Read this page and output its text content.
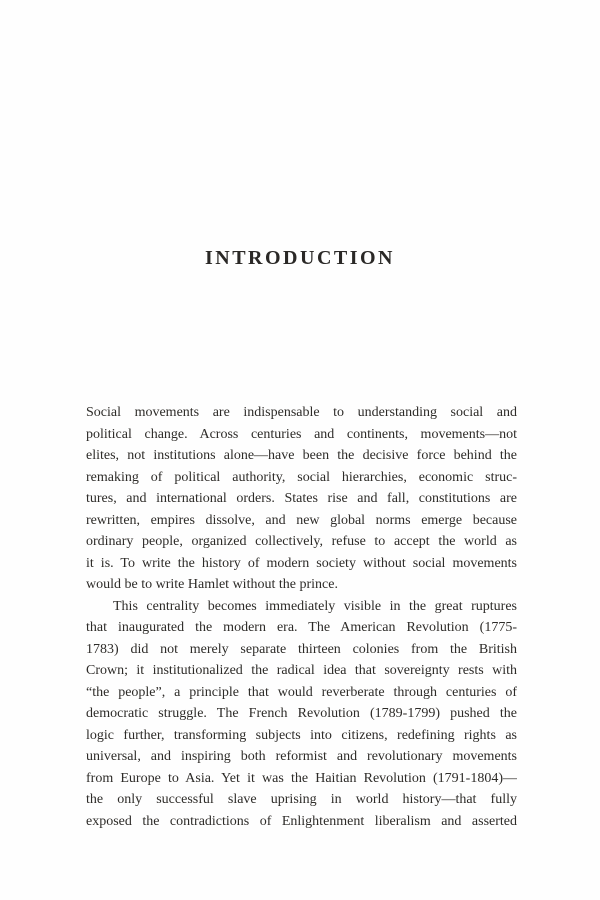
INTRODUCTION
Social movements are indispensable to understanding social and
political change. Across centuries and continents, movements—not
elites, not institutions alone—have been the decisive force behind the
remaking of political authority, social hierarchies, economic struc-
tures, and international orders. States rise and fall, constitutions are
rewritten, empires dissolve, and new global norms emerge because
ordinary people, organized collectively, refuse to accept the world as
it is. To write the history of modern society without social movements
would be to write Hamlet without the prince.
This centrality becomes immediately visible in the great ruptures
that inaugurated the modern era. The American Revolution (1775-
1783) did not merely separate thirteen colonies from the British
Crown; it institutionalized the radical idea that sovereignty rests with
“the people”, a principle that would reverberate through centuries of
democratic struggle. The French Revolution (1789-1799) pushed the
logic further, transforming subjects into citizens, redefining rights as
universal, and inspiring both reformist and revolutionary movements
from Europe to Asia. Yet it was the Haitian Revolution (1791-1804)—
the only successful slave uprising in world history—that fully
exposed the contradictions of Enlightenment liberalism and asserted
